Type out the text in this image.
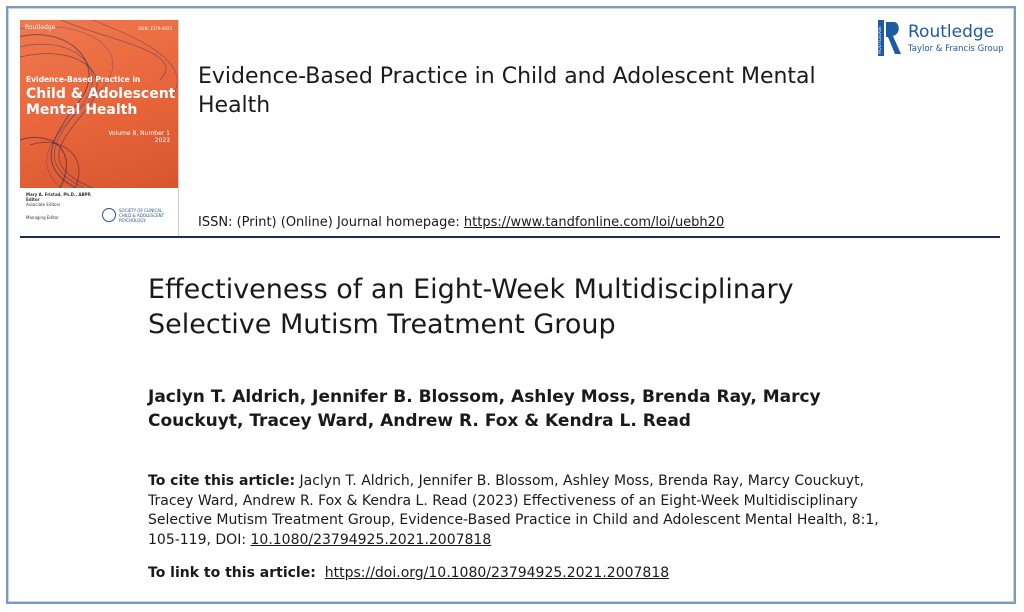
Routledge	ISSN: 2379-4925
Evidence-Based Practice in
Child & Adolescent Mental Health
Volume 8, Number 1
2023
Mary A. Fristad, Ph.D., ABPP, Editor
Associate Editors
Managing Editor
SOCIETY OF CLINICAL CHILD & ADOLESCENT PSYCHOLOGY
Evidence-Based Practice in Child and Adolescent Mental Health
ISSN: (Print) (Online) Journal homepage: https://www.tandfonline.com/loi/uebh20
ROUTLEDGE Routledge
Taylor & Francis Group
Effectiveness of an Eight-Week Multidisciplinary Selective Mutism Treatment Group
Jaclyn T. Aldrich, Jennifer B. Blossom, Ashley Moss, Brenda Ray, Marcy Couckuyt, Tracey Ward, Andrew R. Fox & Kendra L. Read
To cite this article: Jaclyn T. Aldrich, Jennifer B. Blossom, Ashley Moss, Brenda Ray, Marcy Couckuyt, Tracey Ward, Andrew R. Fox & Kendra L. Read (2023) Effectiveness of an Eight-Week Multidisciplinary Selective Mutism Treatment Group, Evidence-Based Practice in Child and Adolescent Mental Health, 8:1, 105-119, DOI: 10.1080/23794925.2021.2007818
To link to this article: https://doi.org/10.1080/23794925.2021.2007818
